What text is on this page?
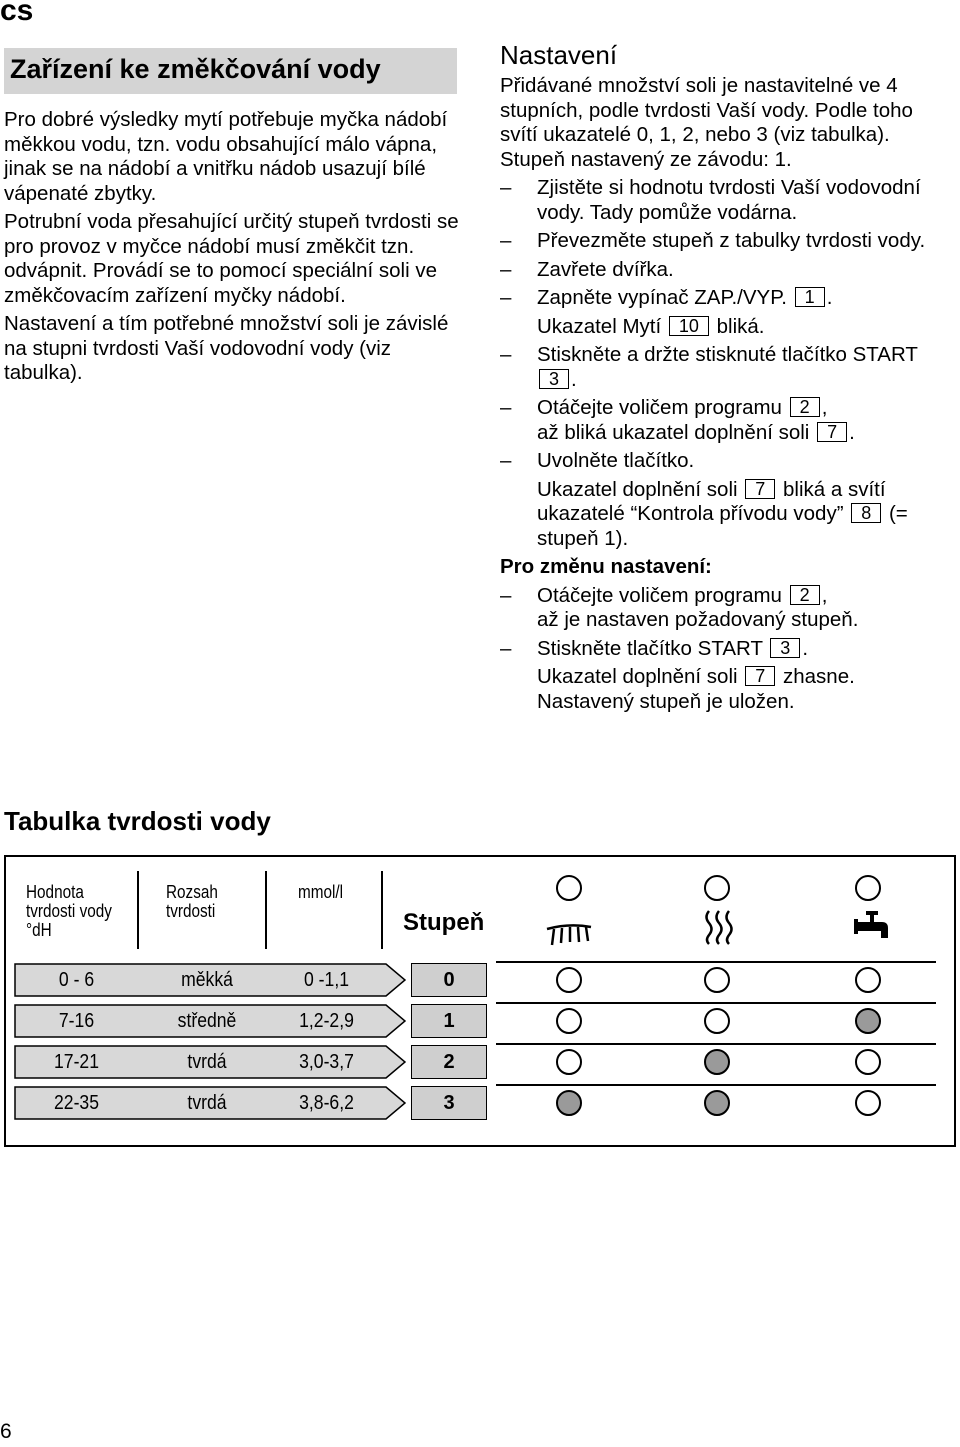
cs
Zařízení ke změkčování vody

Pro dobré výsledky mytí potřebuje myčka nádobí měkkou vodu, tzn. vodu obsahující málo vápna, jinak se na nádobí a vnitřku nádob usazují bílé vápenaté zbytky.

Potrubní voda přesahující určitý stupeň tvrdosti se pro provoz v myčce nádobí musí změkčit tzn. odvápnit. Provádí se to pomocí speciální soli ve změkčovacím zařízení myčky nádobí.

Nastavení a tím potřebné množství soli je závislé na stupni tvrdosti Vaší vodovodní vody (viz tabulka).

Nastavení

Přidávané množství soli je nastavitelné ve 4 stupních, podle tvrdosti Vaší vody. Podle toho svítí ukazatelé 0, 1, 2, nebo 3 (viz tabulka). Stupeň nastavený ze závodu: 1.

– Zjistěte si hodnotu tvrdosti Vaší vodovodní vody. Tady pomůže vodárna.
– Převezměte stupeň z tabulky tvrdosti vody.
– Zavřete dvířka.
– Zapněte vypínač ZAP./VYP. 1 .
Ukazatel Mytí 10 bliká.
– Stiskněte a držte stisknuté tlačítko START 3 .
– Otáčejte voličem programu 2 ,
až bliká ukazatel doplnění soli 7 .
– Uvolněte tlačítko.
Ukazatel doplnění soli 7 bliká a svítí ukazatelé “Kontrola přívodu vody” 8 (= stupeň 1).
Pro změnu nastavení:
– Otáčejte voličem programu 2 ,
až je nastaven požadovaný stupeň.
– Stiskněte tlačítko START 3 .
Ukazatel doplnění soli 7 zhasne.
Nastavený stupeň je uložen.
Tabulka tvrdosti vody
Hodnota
tvrdosti vody
°dH
Rozsah
tvrdosti
mmol/l
Stupeň
0 - 6	měkká	0 -1,1	0
7-16	středně	1,2-2,9	1
17-21	tvrdá	3,0-3,7	2
22-35	tvrdá	3,8-6,2	3
6
